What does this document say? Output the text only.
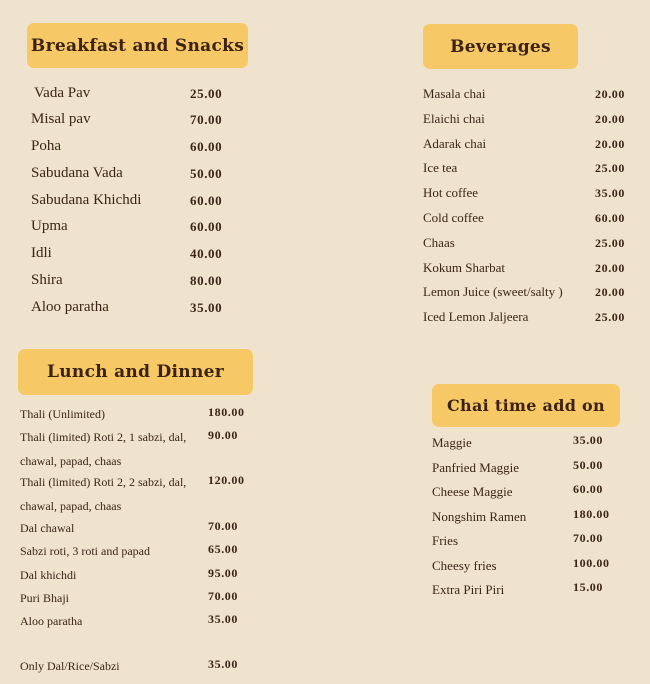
Breakfast and Snacks
Vada Pav	25.00
Misal pav	70.00
Poha	60.00
Sabudana Vada	50.00
Sabudana Khichdi	60.00
Upma	60.00
Idli	40.00
Shira	80.00
Aloo paratha	35.00
Beverages
Masala chai	20.00
Elaichi chai	20.00
Adarak chai	20.00
Ice tea	25.00
Hot coffee	35.00
Cold coffee	60.00
Chaas	25.00
Kokum Sharbat	20.00
Lemon Juice (sweet/salty )	20.00
Iced Lemon Jaljeera	25.00
Lunch and Dinner
Thali (Unlimited)	180.00
Thali (limited) Roti 2, 1 sabzi, dal,
chawal, papad, chaas
90.00
Thali (limited) Roti 2, 2 sabzi, dal,
chawal, papad, chaas
120.00
Dal chawal	70.00
Sabzi roti, 3 roti and papad	65.00
Dal khichdi	95.00
Puri Bhaji	70.00
Aloo paratha	35.00
Only Dal/Rice/Sabzi	35.00
Chai time add on
Maggie	35.00
Panfried Maggie	50.00
Cheese Maggie	60.00
Nongshim Ramen	180.00
Fries	70.00
Cheesy fries	100.00
Extra Piri Piri	15.00
